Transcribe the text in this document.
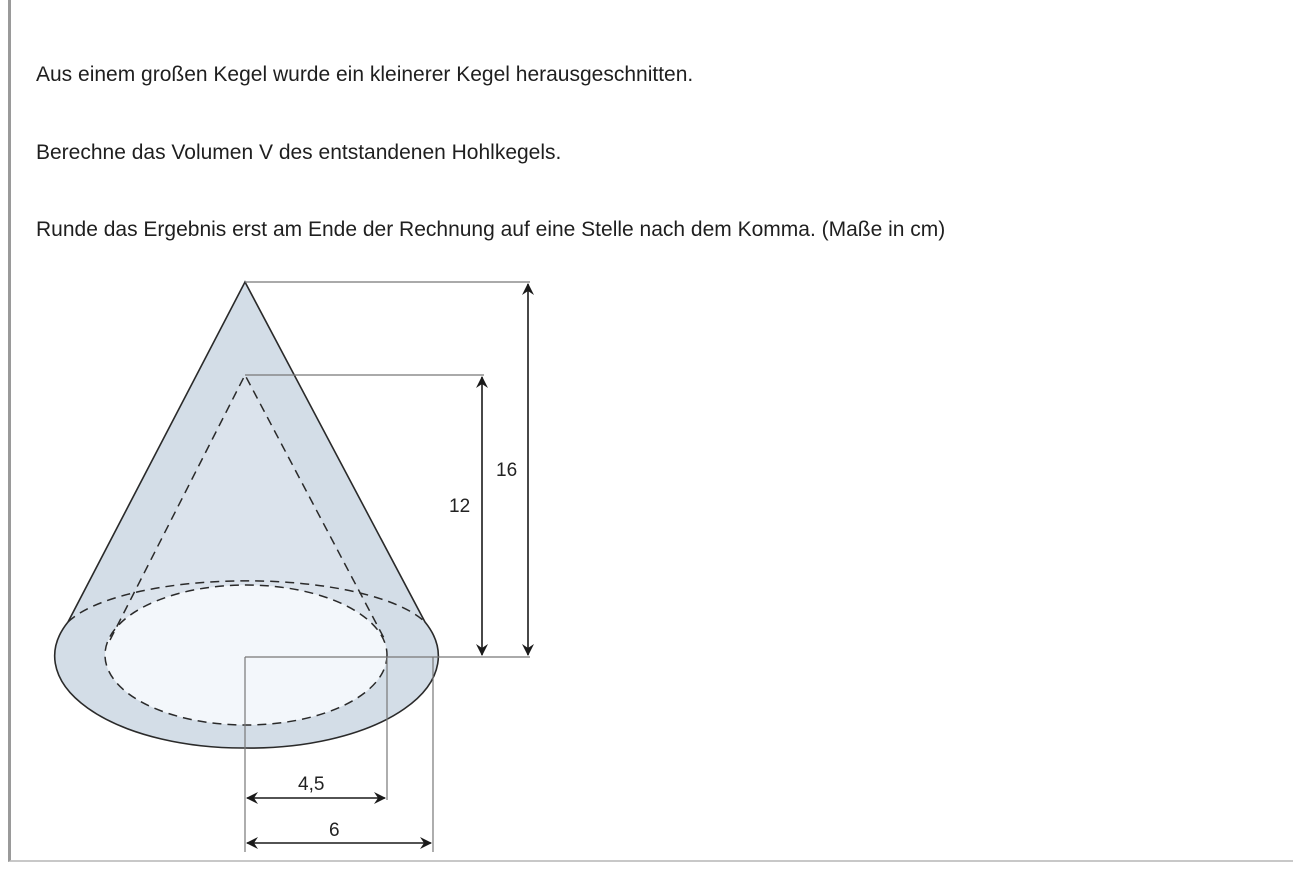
Aus einem großen Kegel wurde ein kleinerer Kegel herausgeschnitten.
Berechne das Volumen V des entstandenen Hohlkegels.
Runde das Ergebnis erst am Ende der Rechnung auf eine Stelle nach dem Komma. (Maße in cm)
16
12
4,5
6
